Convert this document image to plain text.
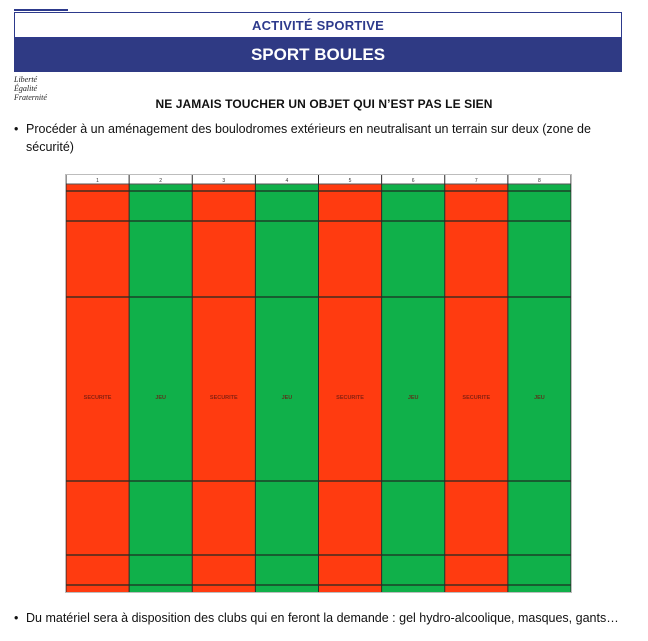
ACTIVITÉ SPORTIVE
SPORT BOULES
Liberté
Égalité
Fraternité	NE JAMAIS TOUCHER UN OBJET QUI N’EST PAS LE SIEN
• Procéder à un aménagement des boulodromes extérieurs en neutralisant un terrain sur deux (zone de sécurité)
1
SECURITE
2
JEU
3
SECURITE
4
JEU
5
SECURITE
6
JEU
7
SECURITE
8
JEU
• Du matériel sera à disposition des clubs qui en feront la demande : gel hydro-alcoolique, masques, gants…
